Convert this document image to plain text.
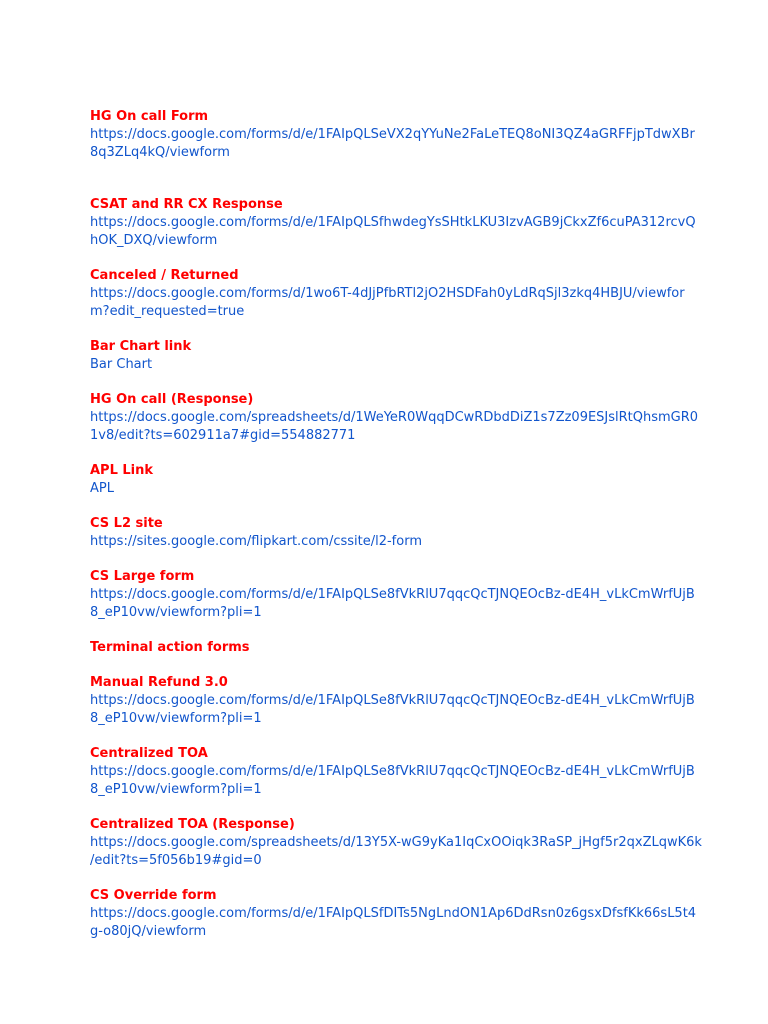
HG On call Form
https://docs.google.com/forms/d/e/1FAIpQLSeVX2qYYuNe2FaLeTEQ8oNI3QZ4aGRFFjpTdwXBr
8q3ZLq4kQ/viewform
CSAT and RR CX Response
https://docs.google.com/forms/d/e/1FAIpQLSfhwdegYsSHtkLKU3IzvAGB9jCkxZf6cuPA312rcvQ
hOK_DXQ/viewform
Canceled / Returned
https://docs.google.com/forms/d/1wo6T-4dJjPfbRTl2jO2HSDFah0yLdRqSjl3zkq4HBJU/viewfor
m?edit_requested=true
Bar Chart link
Bar Chart
HG On call (Response)
https://docs.google.com/spreadsheets/d/1WeYeR0WqqDCwRDbdDiZ1s7Zz09ESJslRtQhsmGR0
1v8/edit?ts=602911a7#gid=554882771
APL Link
APL
CS L2 site
https://sites.google.com/flipkart.com/cssite/l2-form
CS Large form
https://docs.google.com/forms/d/e/1FAIpQLSe8fVkRlU7qqcQcTJNQEOcBz-dE4H_vLkCmWrfUjB
8_eP10vw/viewform?pli=1
Terminal action forms
Manual Refund 3.0
https://docs.google.com/forms/d/e/1FAIpQLSe8fVkRlU7qqcQcTJNQEOcBz-dE4H_vLkCmWrfUjB
8_eP10vw/viewform?pli=1
Centralized TOA
https://docs.google.com/forms/d/e/1FAIpQLSe8fVkRlU7qqcQcTJNQEOcBz-dE4H_vLkCmWrfUjB
8_eP10vw/viewform?pli=1
Centralized TOA (Response)
https://docs.google.com/spreadsheets/d/13Y5X-wG9yKa1IqCxOOiqk3RaSP_jHgf5r2qxZLqwK6k
/edit?ts=5f056b19#gid=0
CS Override form
https://docs.google.com/forms/d/e/1FAIpQLSfDITs5NgLndON1Ap6DdRsn0z6gsxDfsfKk66sL5t4
g-o80jQ/viewform
